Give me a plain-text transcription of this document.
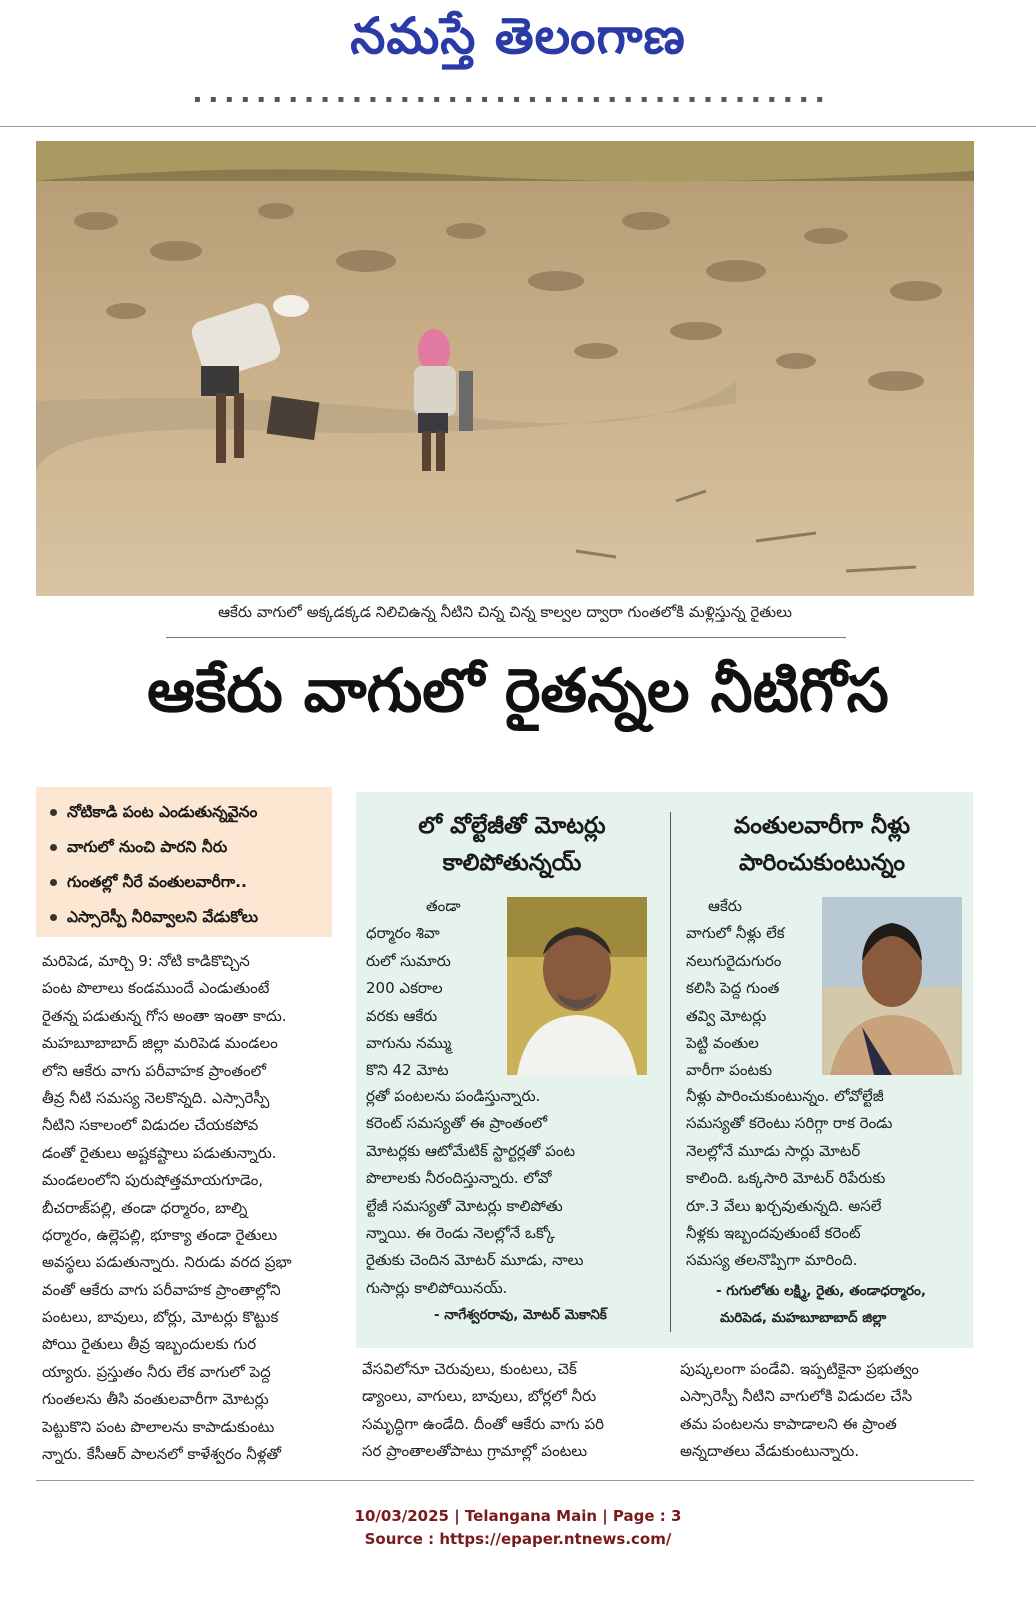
నమస్తే తెలంగాణ
▪ ▪ ▪ ▪ ▪ ▪ ▪ ▪ ▪ ▪ ▪ ▪ ▪ ▪ ▪ ▪ ▪ ▪ ▪ ▪ ▪ ▪ ▪ ▪ ▪ ▪ ▪ ▪ ▪ ▪ ▪ ▪ ▪ ▪ ▪ ▪ ▪ ▪ ▪ ▪
ఆకేరు వాగులో అక్కడక్కడ నిలిచిఉన్న నీటిని చిన్న చిన్న కాల్వల ద్వారా గుంతలోకి మళ్లిస్తున్న రైతులు
ఆకేరు వాగులో రైతన్నల నీటిగోస
నోటికాడి పంట ఎండుతున్నవైనం
వాగులో నుంచి పారని నీరు
గుంతల్లో నీరే వంతులవారీగా..
ఎస్సారెస్పీ నీరివ్వాలని వేడుకోలు
మరిపెడ, మార్చి 9: నోటి కాడికొచ్చిన
పంట పొలాలు కండముందే ఎండుతుంటే
రైతన్న పడుతున్న గోస అంతా ఇంతా కాదు.
మహబూబాబాద్ జిల్లా మరిపెడ మండలం
లోని ఆకేరు వాగు పరీవాహక ప్రాంతంలో
తీవ్ర నీటి సమస్య నెలకొన్నది. ఎస్సారెస్పీ
నీటిని సకాలంలో విడుదల చేయకపోవ
డంతో రైతులు అష్టకష్టాలు పడుతున్నారు.
మండలంలోని పురుషోత్తమాయగూడెం,
బీచరాజ్‌పల్లి, తండా ధర్మారం, బాల్ని
ధర్మారం, ఉల్లెపల్లి, భూక్యా తండా రైతులు
అవస్థలు పడుతున్నారు. నిరుడు వరద ప్రభా
వంతో ఆకేరు వాగు పరీవాహక ప్రాంతాల్లోని
పంటలు, బావులు, బోర్లు, మోటర్లు కొట్టుక
పోయి రైతులు తీవ్ర ఇబ్బందులకు గుర
య్యారు. ప్రస్తుతం నీరు లేక వాగులో పెద్ద
గుంతలను తీసి వంతులవారీగా మోటర్లు
పెట్టుకొని పంట పొలాలను కాపాడుకుంటు
న్నారు. కేసీఆర్ పాలనలో కాళేశ్వరం నీళ్లతో
లో వోల్టేజీతో మోటర్లు
కాలిపోతున్నయ్
తండా
ధర్మారం శివా
రులో సుమారు
200 ఎకరాల
వరకు ఆకేరు
వాగును నమ్ము
కొని 42 మోట
ర్లతో పంటలను పండిస్తున్నారు.
కరెంట్ సమస్యతో ఈ ప్రాంతంలో
మోటర్లకు ఆటోమేటిక్ స్టార్టర్లతో పంట
పొలాలకు నీరందిస్తున్నారు. లోవో
ల్టేజీ సమస్యతో మోటర్లు కాలిపోతు
న్నాయి. ఈ రెండు నెలల్లోనే ఒక్కో
రైతుకు చెందిన మోటర్ మూడు, నాలు
గుసార్లు కాలిపోయినయ్.
- నాగేశ్వరరావు, మోటర్ మెకానిక్
వంతులవారీగా నీళ్లు
పారించుకుంటున్నం
ఆకేరు
వాగులో నీళ్లు లేక
నలుగురైదుగురం
కలిసి పెద్ద గుంత
తవ్వి మోటర్లు
పెట్టి వంతుల
వారీగా పంటకు
నీళ్లు పారించుకుంటున్నం. లోవోల్టేజీ
సమస్యతో కరెంటు సరిగ్గా రాక రెండు
నెలల్లోనే మూడు సార్లు మోటర్
కాలింది. ఒక్కసారి మోటర్ రిపేరుకు
రూ.3 వేలు ఖర్చవుతున్నది. అసలే
నీళ్లకు ఇబ్బందవుతుంటే కరెంట్
సమస్య తలనొప్పిగా మారింది.
- గుగులోతు లక్ష్మి, రైతు, తండాధర్మారం,
మరిపెడ, మహబూబాబాద్ జిల్లా
వేసవిలోనూ చెరువులు, కుంటలు, చెక్
డ్యాంలు, వాగులు, బావులు, బోర్లలో నీరు
సమృద్ధిగా ఉండేది. దీంతో ఆకేరు వాగు పరి
సర ప్రాంతాలతోపాటు గ్రామాల్లో పంటలు
పుష్కలంగా పండేవి. ఇప్పటికైనా ప్రభుత్వం
ఎస్సారెస్పీ నీటిని వాగులోకి విడుదల చేసి
తమ పంటలను కాపాడాలని ఈ ప్రాంత
అన్నదాతలు వేడుకుంటున్నారు.
10/03/2025 | Telangana Main | Page : 3
Source : https://epaper.ntnews.com/
